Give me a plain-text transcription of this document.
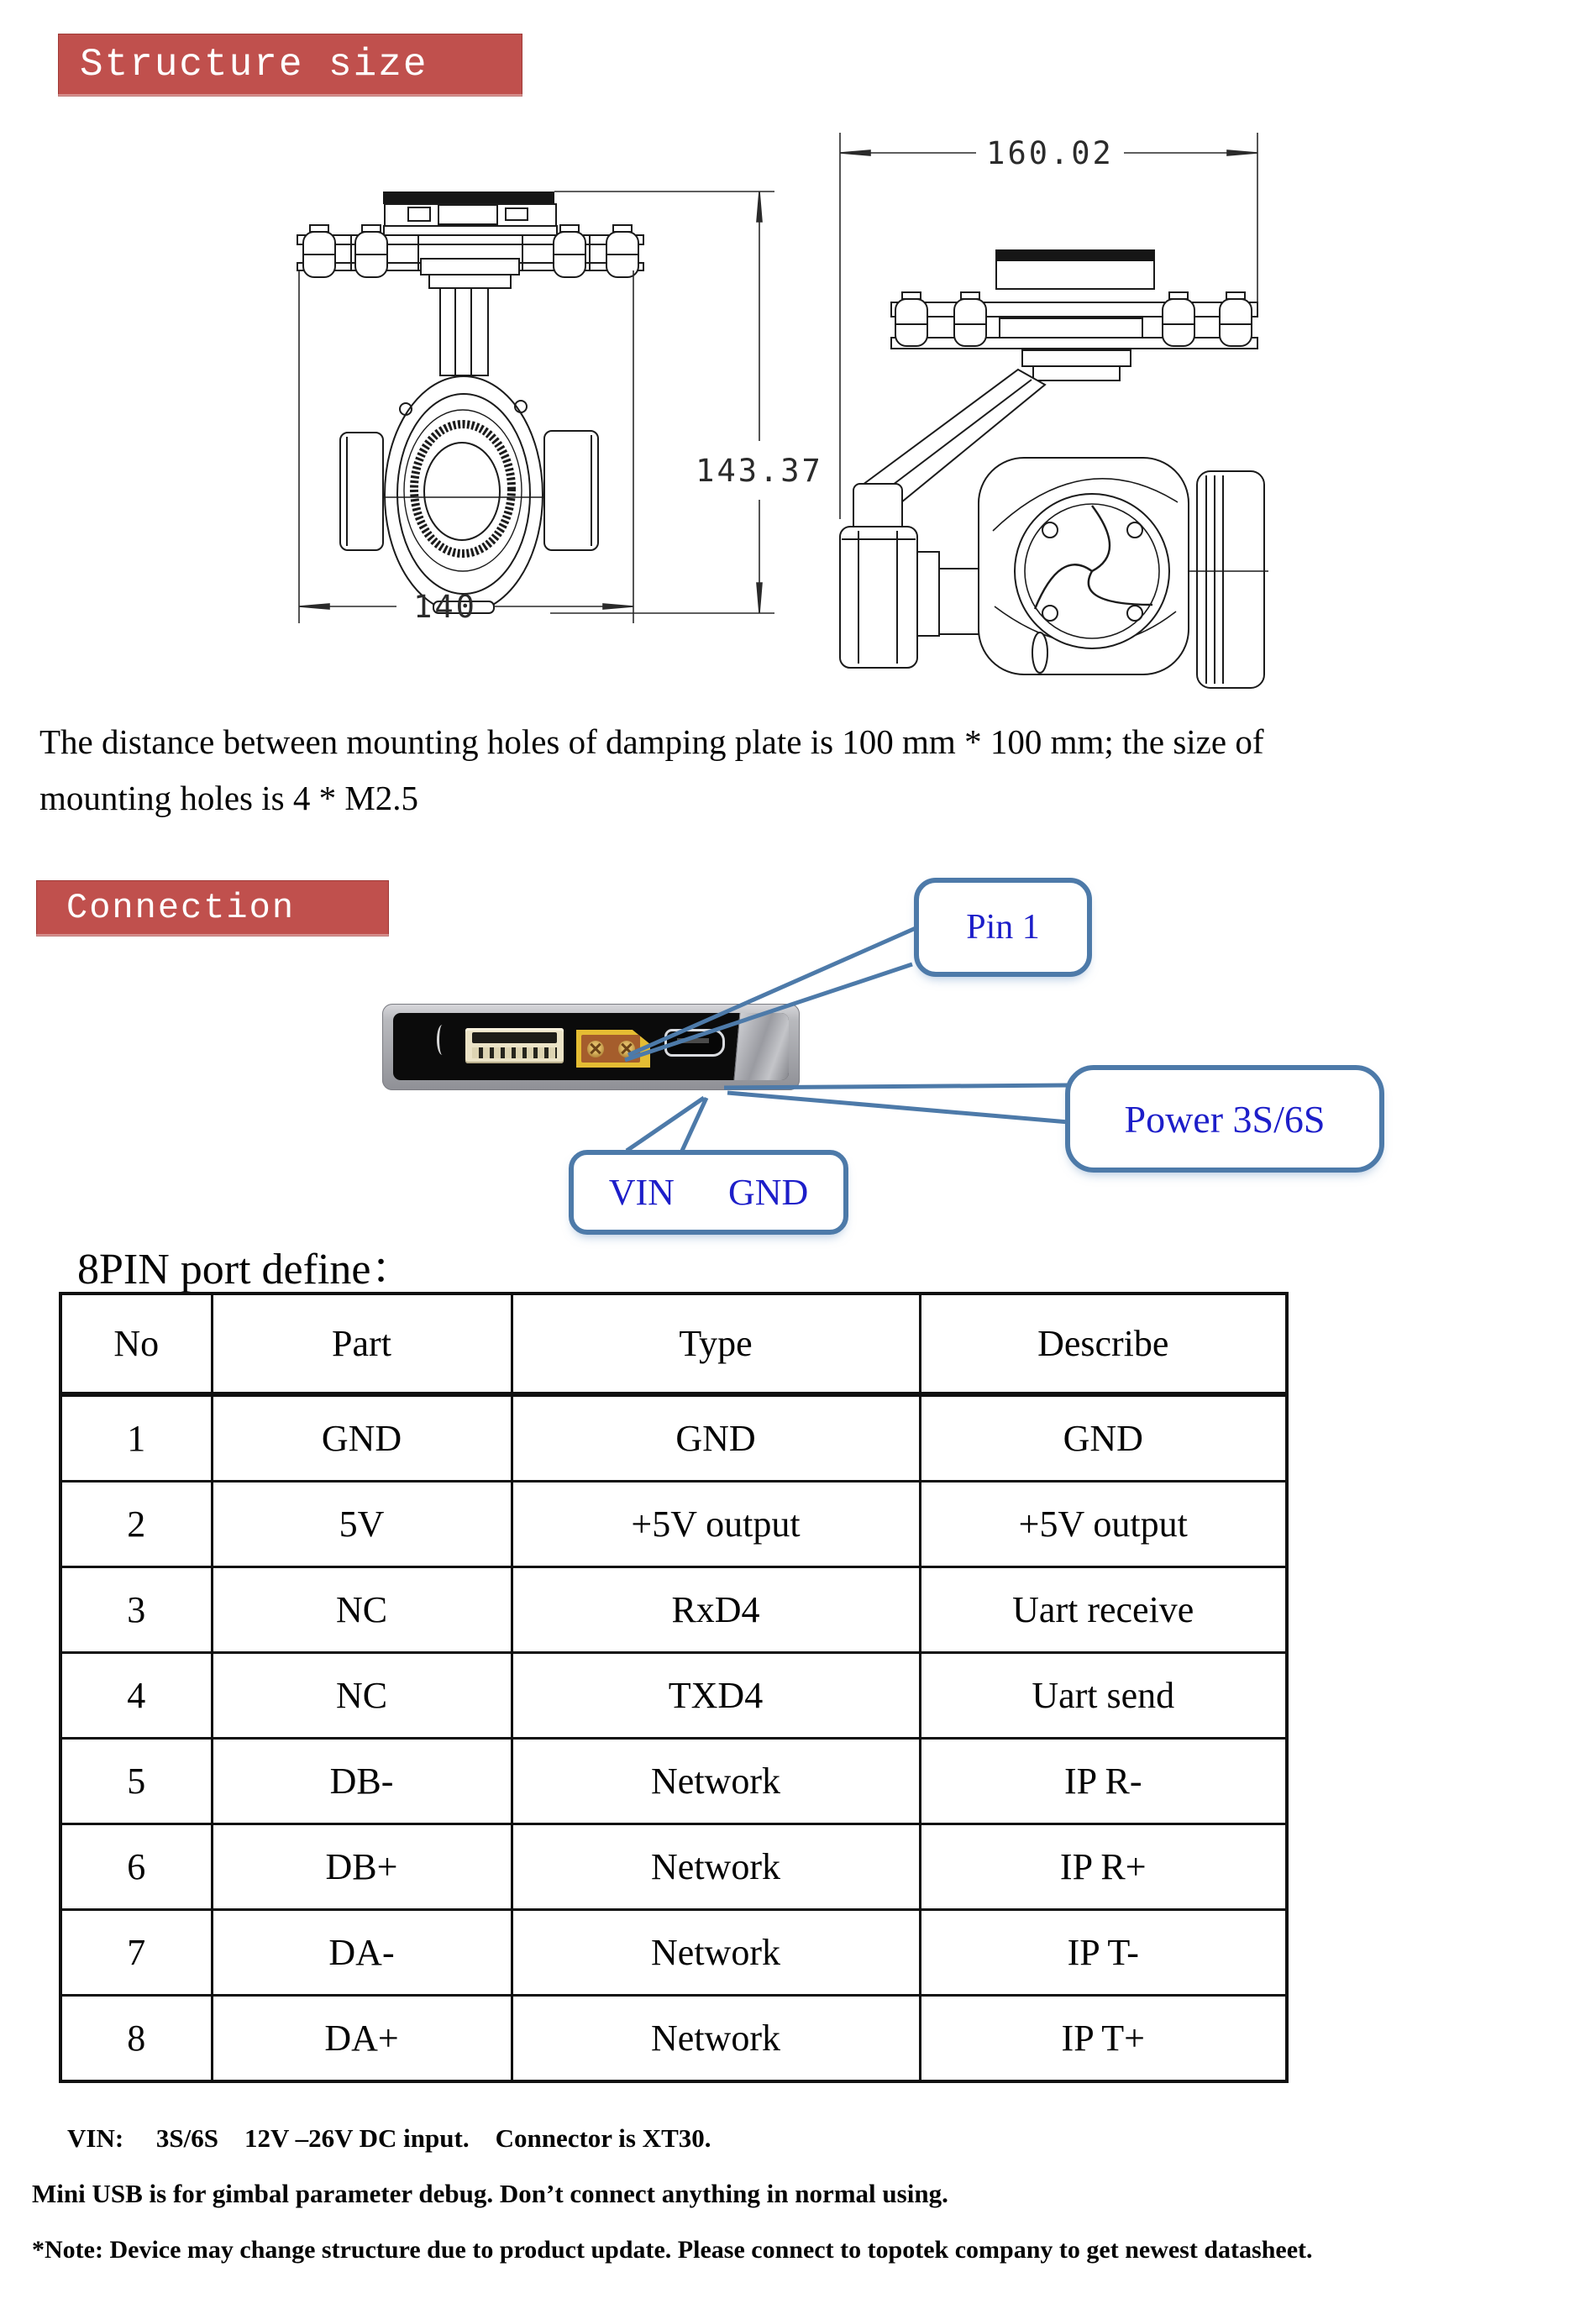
Structure size
143.37
140
160.02
The distance between mounting holes of damping plate is 100 mm * 100 mm; the size of
mounting holes is 4 * M2.5
Connection	Pin 1
Power 3S/6S
VIN GND
8PIN port define：
No	Part	Type	Describe
1	GND	GND	GND
2	5V	+5V output	+5V output
3	NC	RxD4	Uart receive
4	NC	TXD4	Uart send
5	DB-	Network	IP R-
6	DB+	Network	IP R+
7	DA-	Network	IP T-
8	DA+	Network	IP T+
VIN:     3S/6S    12V –26V DC input.    Connector is XT30.
Mini USB is for gimbal parameter debug. Don’t connect anything in normal using.
*Note: Device may change structure due to product update. Please connect to topotek company to get newest datasheet.
